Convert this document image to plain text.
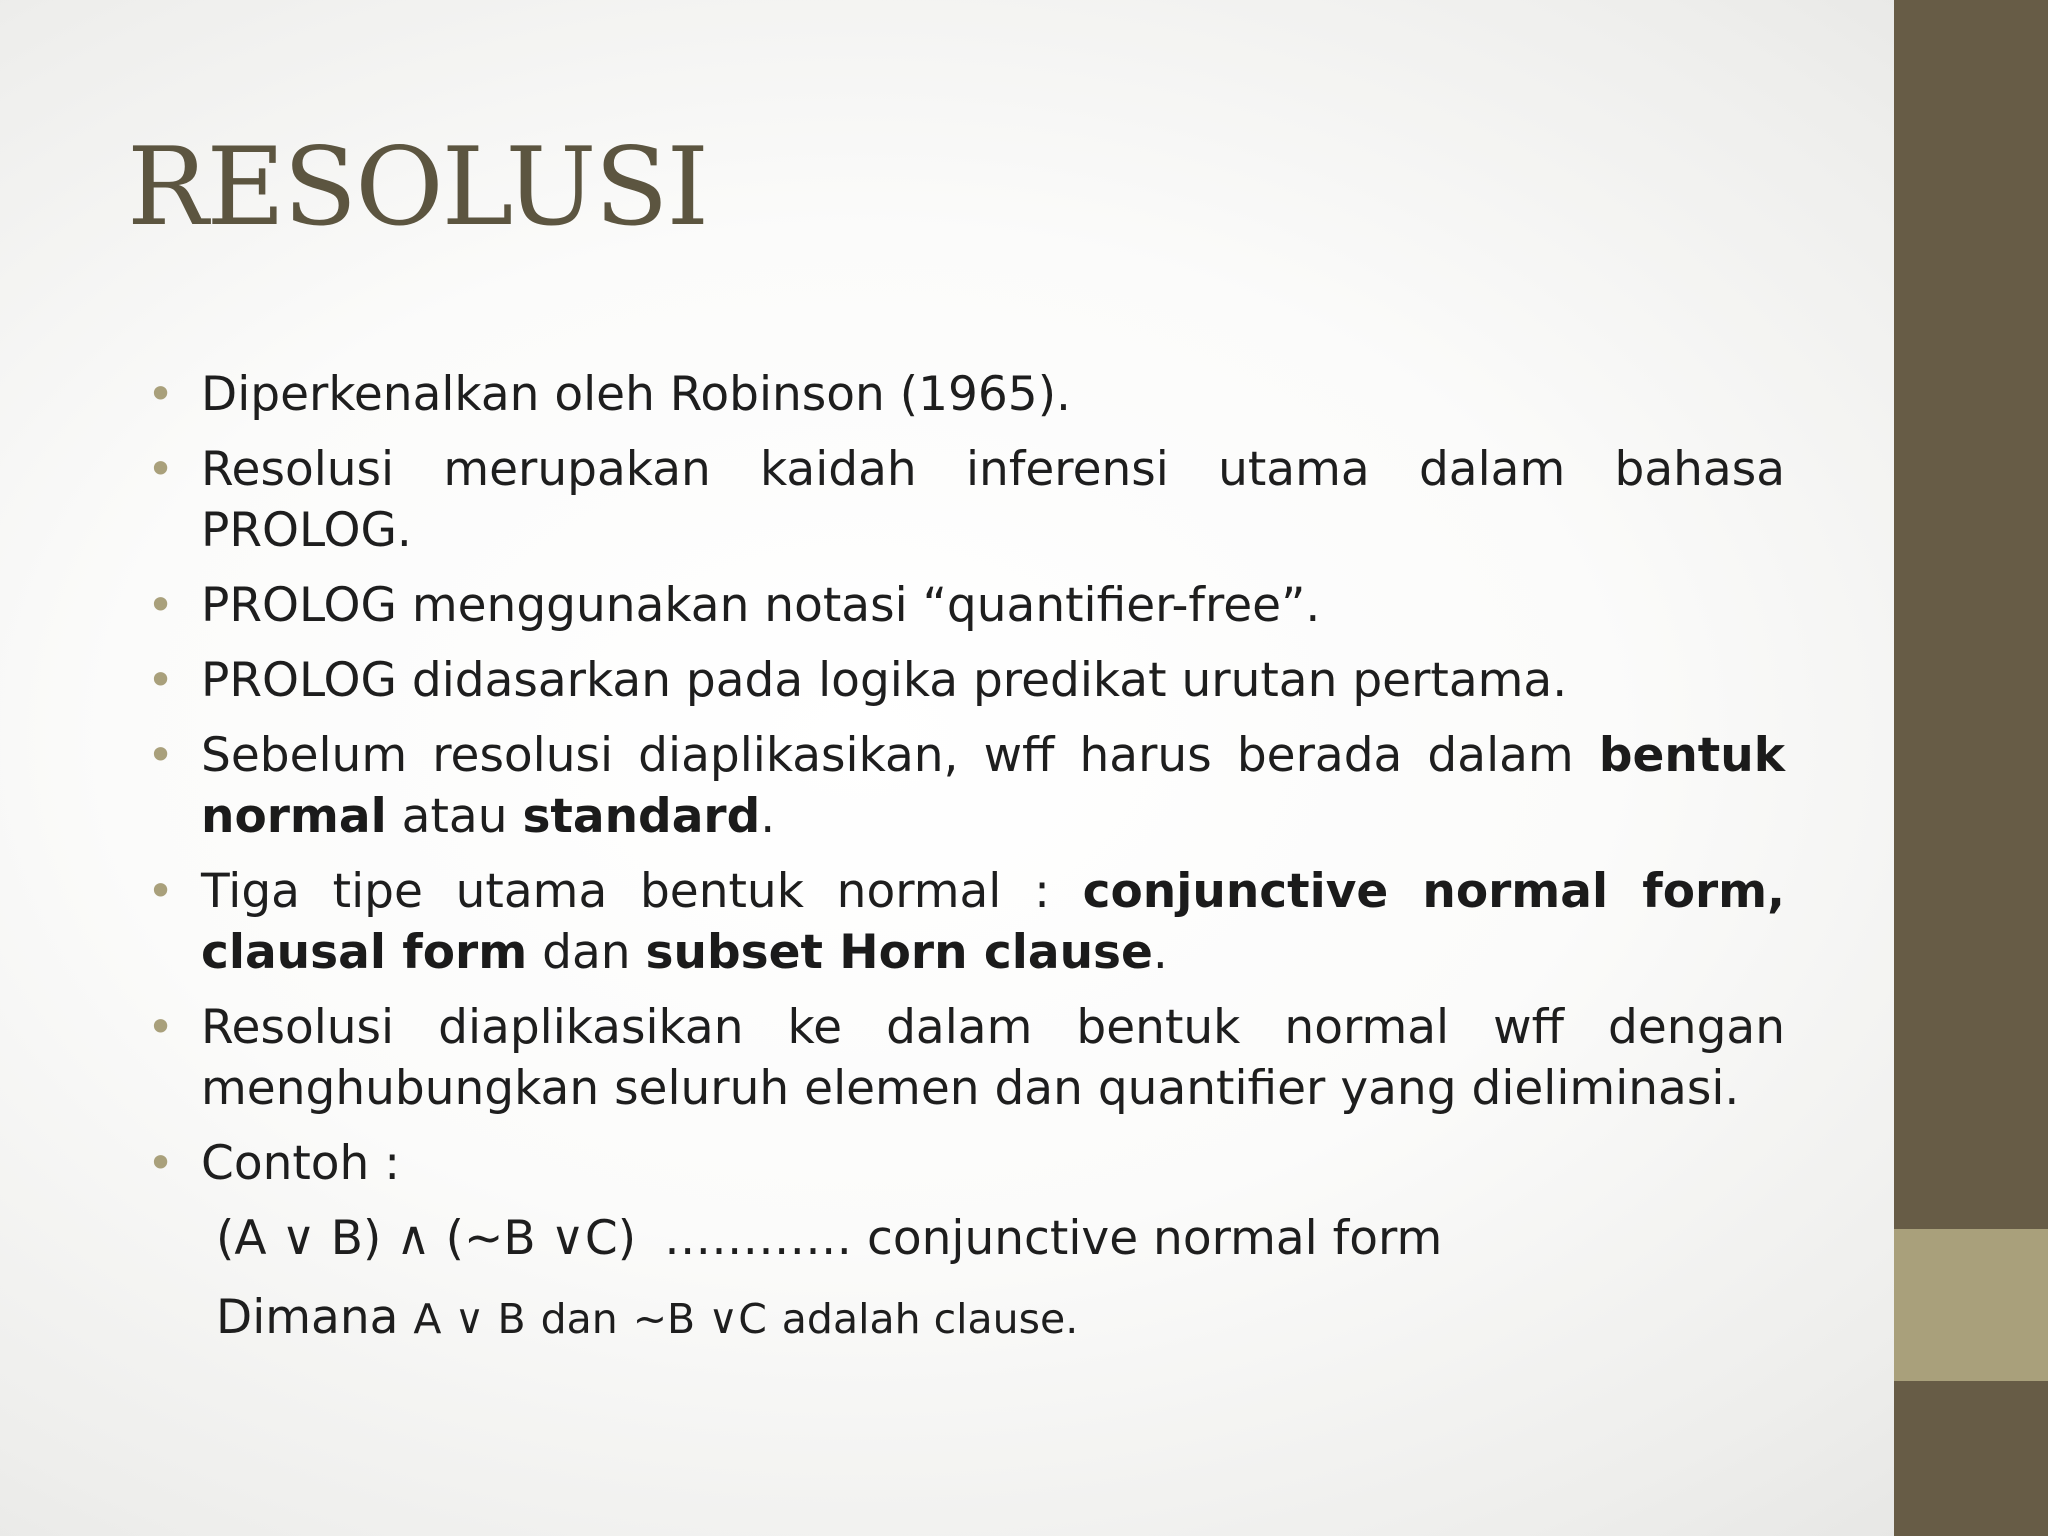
RESOLUSI
• Diperkenalkan oleh Robinson (1965).
• Resolusi merupakan kaidah inferensi utama dalam bahasa PROLOG.
• PROLOG menggunakan notasi “quantifier-free”.
• PROLOG didasarkan pada logika predikat urutan pertama.
• Sebelum resolusi diaplikasikan, wff harus berada dalam bentuk normal atau standard.
• Tiga tipe utama bentuk normal : conjunctive normal form, clausal form dan subset Horn clause.
• Resolusi diaplikasikan ke dalam bentuk normal wff dengan menghubungkan seluruh elemen dan quantifier yang dieliminasi.
• Contoh :
(A ∨ B) ∧ (~B ∨C) ………… conjunctive normal form
Dimana A ∨ B dan ~B ∨C adalah clause.
